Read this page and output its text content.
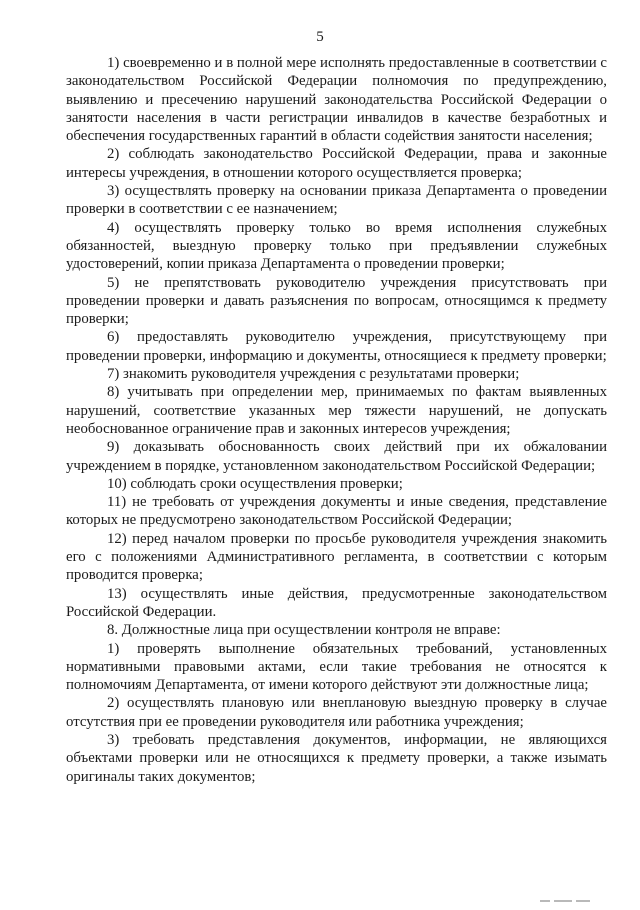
5

1) своевременно и в полной мере исполнять предоставленные в соответствии с законодательством Российской Федерации полномочия по предупреждению, выявлению и пресечению нарушений законодательства Российской Федерации о занятости населения в части регистрации инвалидов в качестве безработных и обеспечения государственных гарантий в области содействия занятости населения;

2) соблюдать законодательство Российской Федерации, права и законные интересы учреждения, в отношении которого осуществляется проверка;

3) осуществлять проверку на основании приказа Департамента о проведении проверки в соответствии с ее назначением;

4) осуществлять проверку только во время исполнения служебных обязанностей, выездную проверку только при предъявлении служебных удостоверений, копии приказа Департамента о проведении проверки;

5) не препятствовать руководителю учреждения присутствовать при проведении проверки и давать разъяснения по вопросам, относящимся к предмету проверки;

6) предоставлять руководителю учреждения, присутствующему при проведении проверки, информацию и документы, относящиеся к предмету проверки;

7) знакомить руководителя учреждения с результатами проверки;

8) учитывать при определении мер, принимаемых по фактам выявленных нарушений, соответствие указанных мер тяжести нарушений, не допускать необоснованное ограничение прав и законных интересов учреждения;

9) доказывать обоснованность своих действий при их обжаловании учреждением в порядке, установленном законодательством Российской Федерации;

10) соблюдать сроки осуществления проверки;

11) не требовать от учреждения документы и иные сведения, представление которых не предусмотрено законодательством Российской Федерации;

12) перед началом проверки по просьбе руководителя учреждения знакомить его с положениями Административного регламента, в соответствии с которым проводится проверка;

13) осуществлять иные действия, предусмотренные законодательством Российской Федерации.

8. Должностные лица при осуществлении контроля не вправе:

1) проверять выполнение обязательных требований, установленных нормативными правовыми актами, если такие требования не относятся к полномочиям Департамента, от имени которого действуют эти должностные лица;

2) осуществлять плановую или внеплановую выездную проверку в случае отсутствия при ее проведении руководителя или работника учреждения;

3) требовать представления документов, информации, не являющихся объектами проверки или не относящихся к предмету проверки, а также изымать оригиналы таких документов;
